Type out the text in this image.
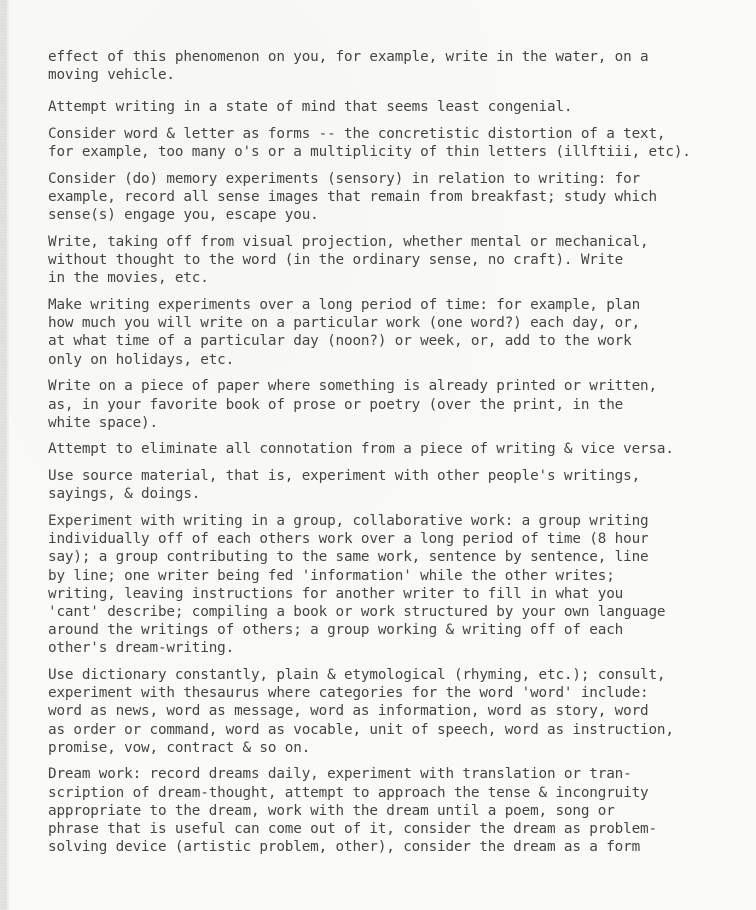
effect of this phenomenon on you, for example, write in the water, on a
moving vehicle.

Attempt writing in a state of mind that seems least congenial.

Consider word & letter as forms -- the concretistic distortion of a text,
for example, too many o's or a multiplicity of thin letters (illftiii, etc).

Consider (do) memory experiments (sensory) in relation to writing: for
example, record all sense images that remain from breakfast; study which
sense(s) engage you, escape you.

Write, taking off from visual projection, whether mental or mechanical,
without thought to the word (in the ordinary sense, no craft). Write
in the movies, etc.

Make writing experiments over a long period of time: for example, plan
how much you will write on a particular work (one word?) each day, or,
at what time of a particular day (noon?) or week, or, add to the work
only on holidays, etc.

Write on a piece of paper where something is already printed or written,
as, in your favorite book of prose or poetry (over the print, in the
white space).

Attempt to eliminate all connotation from a piece of writing & vice versa.

Use source material, that is, experiment with other people's writings,
sayings, & doings.

Experiment with writing in a group, collaborative work: a group writing
individually off of each others work over a long period of time (8 hour
say); a group contributing to the same work, sentence by sentence, line
by line; one writer being fed 'information' while the other writes;
writing, leaving instructions for another writer to fill in what you
'cant' describe; compiling a book or work structured by your own language
around the writings of others; a group working & writing off of each
other's dream-writing.

Use dictionary constantly, plain & etymological (rhyming, etc.); consult,
experiment with thesaurus where categories for the word 'word' include:
word as news, word as message, word as information, word as story, word
as order or command, word as vocable, unit of speech, word as instruction,
promise, vow, contract & so on.

Dream work: record dreams daily, experiment with translation or tran-
scription of dream-thought, attempt to approach the tense & incongruity
appropriate to the dream, work with the dream until a poem, song or
phrase that is useful can come out of it, consider the dream as problem-
solving device (artistic problem, other), consider the dream as a form
